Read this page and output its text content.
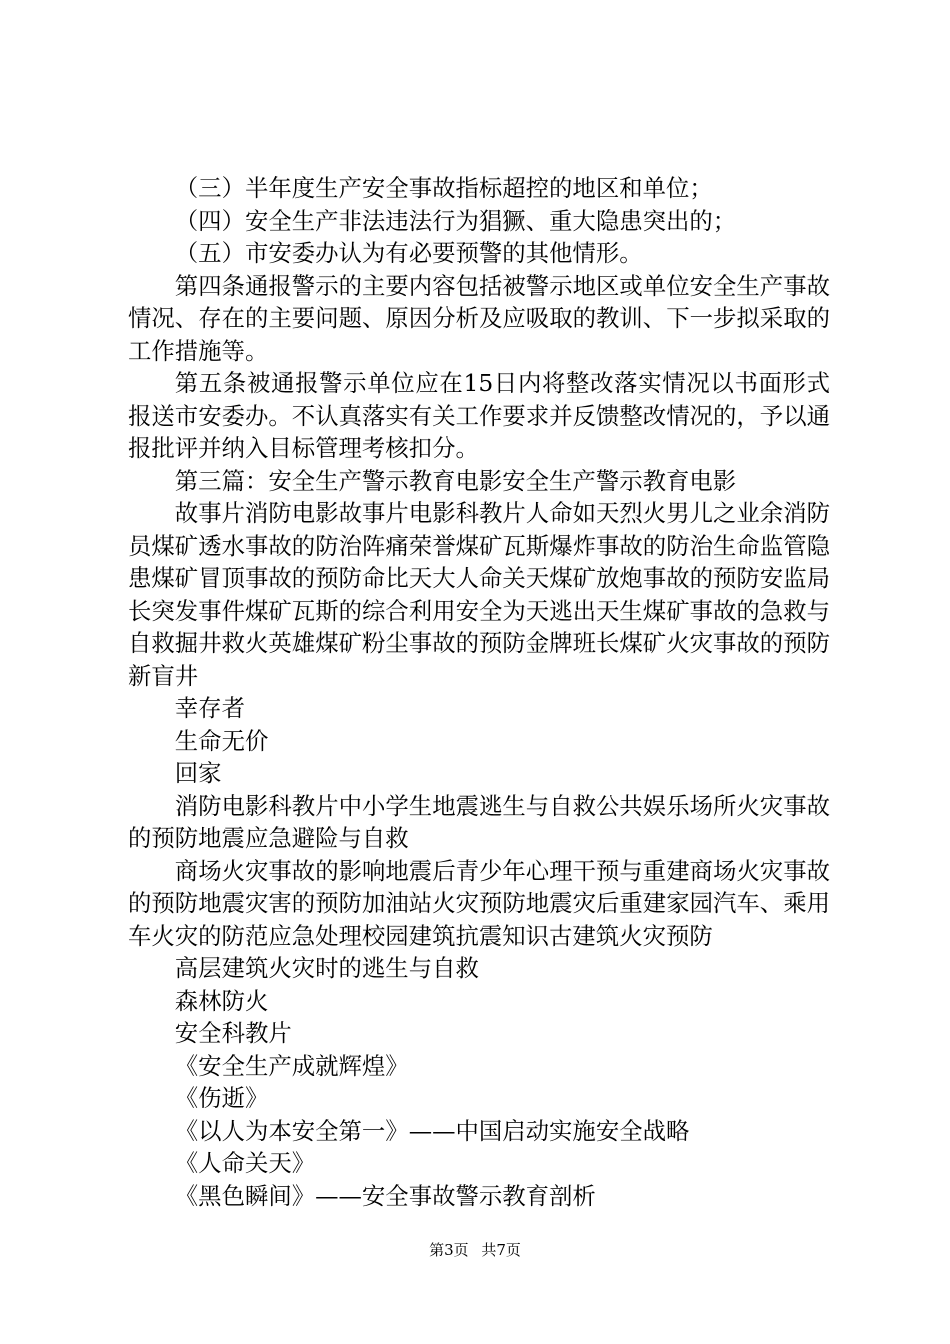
（三）半年度生产安全事故指标超控的地区和单位；

（四）安全生产非法违法行为猖獗、重大隐患突出的；

（五）市安委办认为有必要预警的其他情形。

第四条通报警示的主要内容包括被警示地区或单位安全生产事故情况、存在的主要问题、原因分析及应吸取的教训、下一步拟采取的工作措施等。

第五条被通报警示单位应在15日内将整改落实情况以书面形式报送市安委办。不认真落实有关工作要求并反馈整改情况的，予以通报批评并纳入目标管理考核扣分。

第三篇：安全生产警示教育电影安全生产警示教育电影

故事片消防电影故事片电影科教片人命如天烈火男儿之业余消防员煤矿透水事故的防治阵痛荣誉煤矿瓦斯爆炸事故的防治生命监管隐患煤矿冒顶事故的预防命比天大人命关天煤矿放炮事故的预防安监局长突发事件煤矿瓦斯的综合利用安全为天逃出天生煤矿事故的急救与自救掘井救火英雄煤矿粉尘事故的预防金牌班长煤矿火灾事故的预防新盲井

幸存者

生命无价

回家

消防电影科教片中小学生地震逃生与自救公共娱乐场所火灾事故的预防地震应急避险与自救

商场火灾事故的影响地震后青少年心理干预与重建商场火灾事故的预防地震灾害的预防加油站火灾预防地震灾后重建家园汽车、乘用车火灾的防范应急处理校园建筑抗震知识古建筑火灾预防

高层建筑火灾时的逃生与自救

森林防火

安全科教片

《安全生产成就辉煌》

《伤逝》

《以人为本安全第一》——中国启动实施安全战略

《人命关天》

《黑色瞬间》——安全事故警示教育剖析

第3页 共7页
